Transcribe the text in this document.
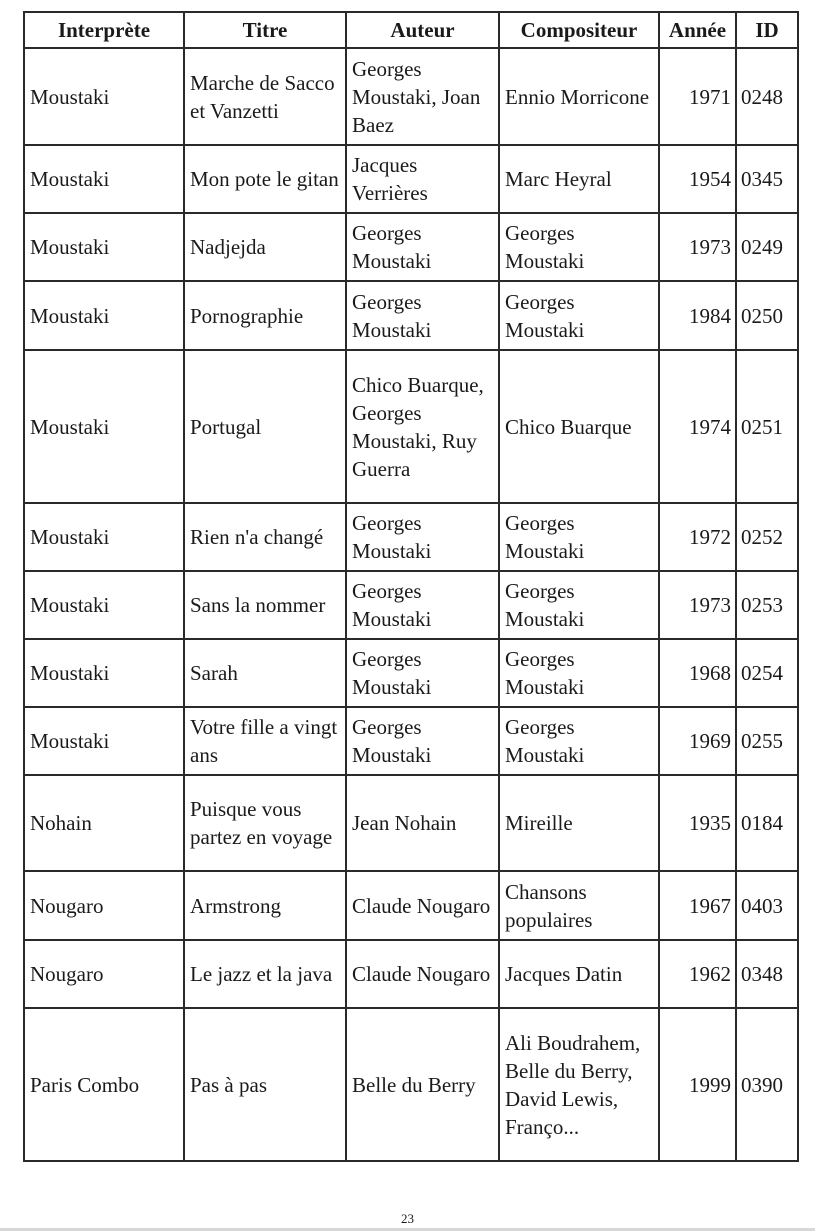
Interprète	Titre	Auteur	Compositeur	Année	ID
Moustaki	Marche de Sacco et Vanzetti	Georges Moustaki, Joan Baez	Ennio Morricone	1971	0248
Moustaki	Mon pote le gitan	Jacques Verrières	Marc Heyral	1954	0345
Moustaki	Nadjejda	Georges Moustaki	Georges Moustaki	1973	0249
Moustaki	Pornographie	Georges Moustaki	Georges Moustaki	1984	0250
Moustaki	Portugal	Chico Buarque, Georges Moustaki, Ruy Guerra	Chico Buarque	1974	0251
Moustaki	Rien n'a changé	Georges Moustaki	Georges Moustaki	1972	0252
Moustaki	Sans la nommer	Georges Moustaki	Georges Moustaki	1973	0253
Moustaki	Sarah	Georges Moustaki	Georges Moustaki	1968	0254
Moustaki	Votre fille a vingt ans	Georges Moustaki	Georges Moustaki	1969	0255
Nohain	Puisque vous partez en voyage	Jean Nohain	Mireille	1935	0184
Nougaro	Armstrong	Claude Nougaro	Chansons populaires	1967	0403
Nougaro	Le jazz et la java	Claude Nougaro	Jacques Datin	1962	0348
Paris Combo	Pas à pas	Belle du Berry	Ali Boudrahem, Belle du Berry, David Lewis, Franço...	1999	0390
23
